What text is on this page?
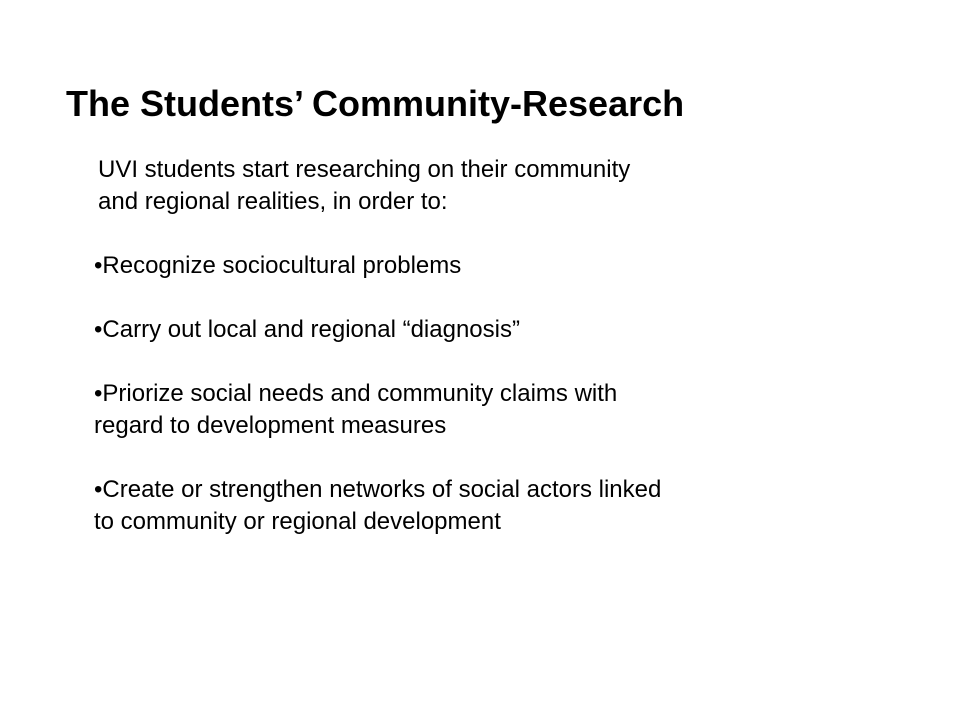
The Students’ Community-Research

UVI students start researching on their community
and regional realities, in order to:

•Recognize sociocultural problems
•Carry out local and regional “diagnosis”
•Priorize social needs and community claims with
regard to development measures
•Create or strengthen networks of social actors linked
to community or regional development
